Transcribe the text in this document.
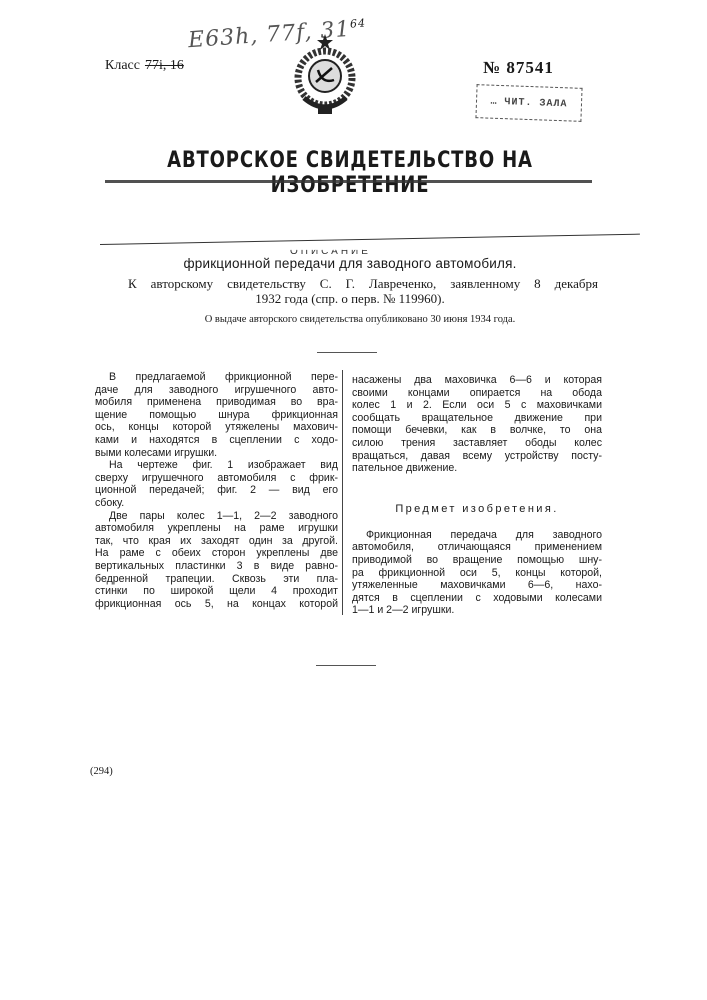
Класс 77i, 16
Е63h, 77f, 3164
№ 87541
… ЧИТ. ЗАЛА
АВТОРСКОЕ СВИДЕТЕЛЬСТВО НА ИЗОБРЕТЕНИЕ
ОПИСАНИЕ
фрикционной передачи для заводного автомобиля.
К авторскому свидетельству С. Г. Лавреченко, заявленному 8 декабря
1932 года (спр. о перв. № 119960).
О выдаче авторского свидетельства опубликовано 30 июня 1934 года.
В предлагаемой фрикционной пере-
даче для заводного игрушечного авто-
мобиля применена приводимая во вра-
щение помощью шнура фрикционная
ось, концы которой утяжелены махович-
ками и находятся в сцеплении с ходо-
выми колесами игрушки.
На чертеже фиг. 1 изображает вид
сверху игрушечного автомобиля с фрик-
ционной передачей; фиг. 2 — вид его
сбоку.
Две пары колес 1—1, 2—2 заводного
автомобиля укреплены на раме игрушки
так, что края их заходят один за другой.
На раме с обеих сторон укреплены две
вертикальных пластинки 3 в виде равно-
бедренной трапеции. Сквозь эти пла-
стинки по широкой щели 4 проходит
фрикционная ось 5, на концах которой
насажены два маховичка 6—6 и которая
своими концами опирается на обода
колес 1 и 2. Если оси 5 с маховичками
сообщать вращательное движение при
помощи бечевки, как в волчке, то она
силою трения заставляет ободы колес
вращаться, давая всему устройству посту-
пательное движение.
Предмет изобретения.
Фрикционная передача для заводного
автомобиля, отличающаяся применением
приводимой во вращение помощью шну-
ра фрикционной оси 5, концы которой,
утяжеленные маховичками 6—6, нахо-
дятся в сцеплении с ходовыми колесами
1—1 и 2—2 игрушки.
(294)
